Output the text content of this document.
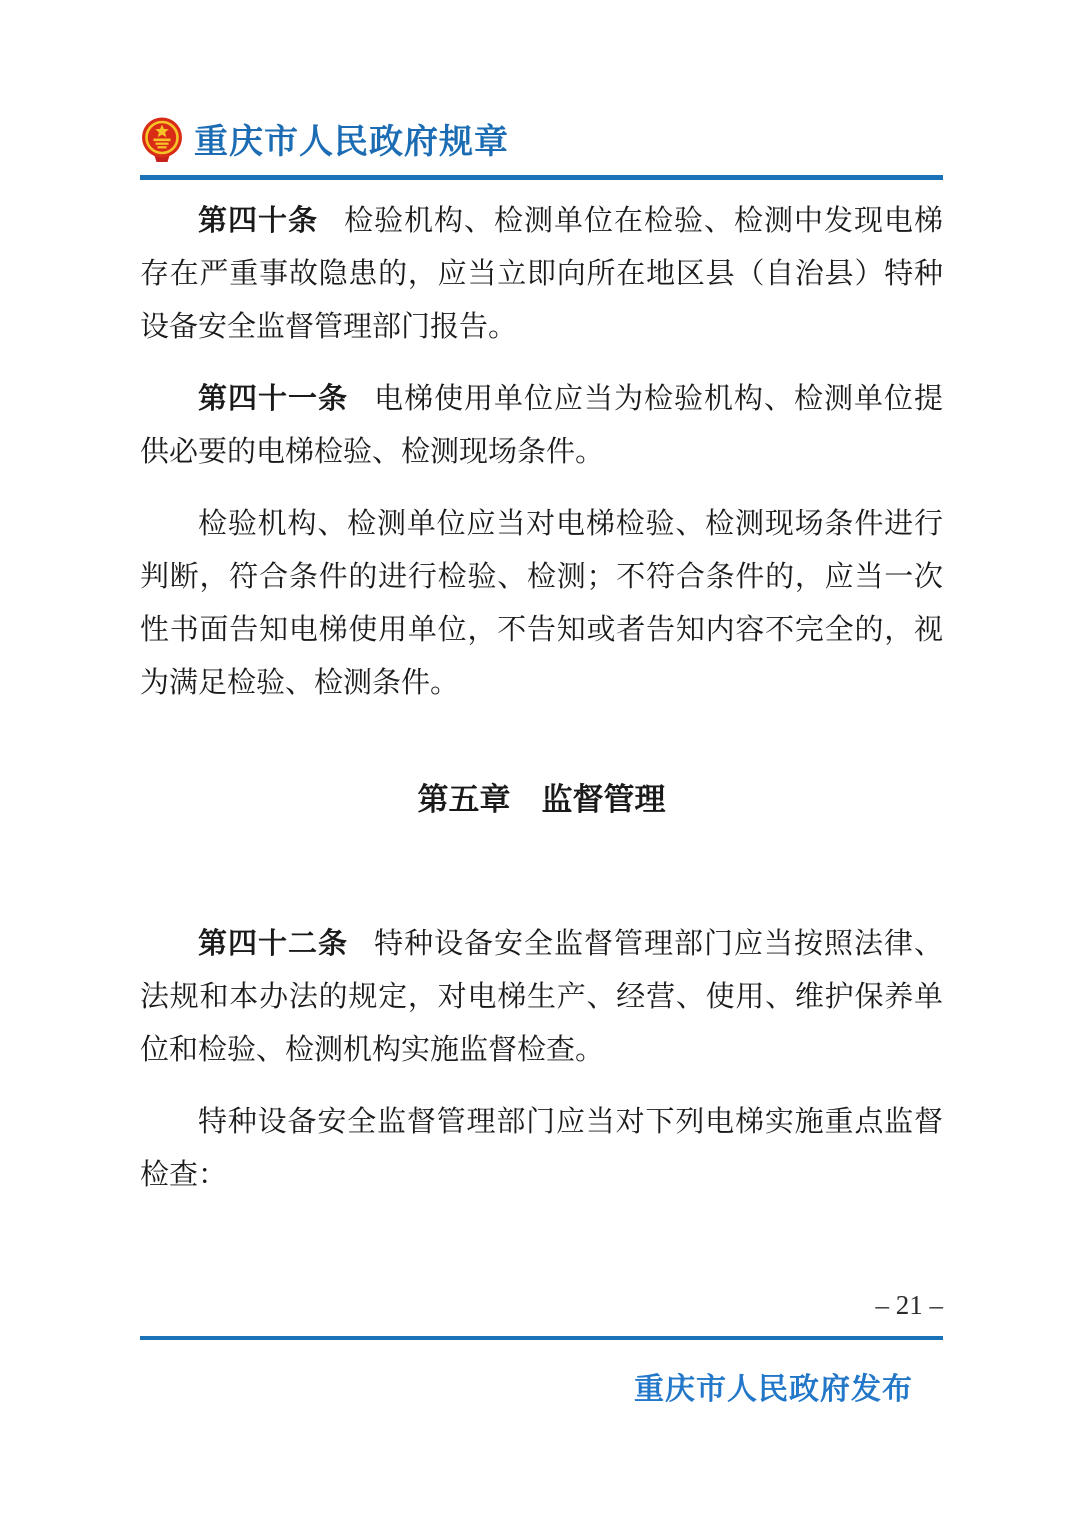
重庆市人民政府规章

第四十条 检验机构、检测单位在检验、检测中发现电梯存在严重事故隐患的，应当立即向所在地区县（自治县）特种设备安全监督管理部门报告。

第四十一条 电梯使用单位应当为检验机构、检测单位提供必要的电梯检验、检测现场条件。

检验机构、检测单位应当对电梯检验、检测现场条件进行判断，符合条件的进行检验、检测；不符合条件的，应当一次性书面告知电梯使用单位，不告知或者告知内容不完全的，视为满足检验、检测条件。

第五章　监督管理

第四十二条 特种设备安全监督管理部门应当按照法律、法规和本办法的规定，对电梯生产、经营、使用、维护保养单位和检验、检测机构实施监督检查。

特种设备安全监督管理部门应当对下列电梯实施重点监督检查：

– 21 –
重庆市人民政府发布
